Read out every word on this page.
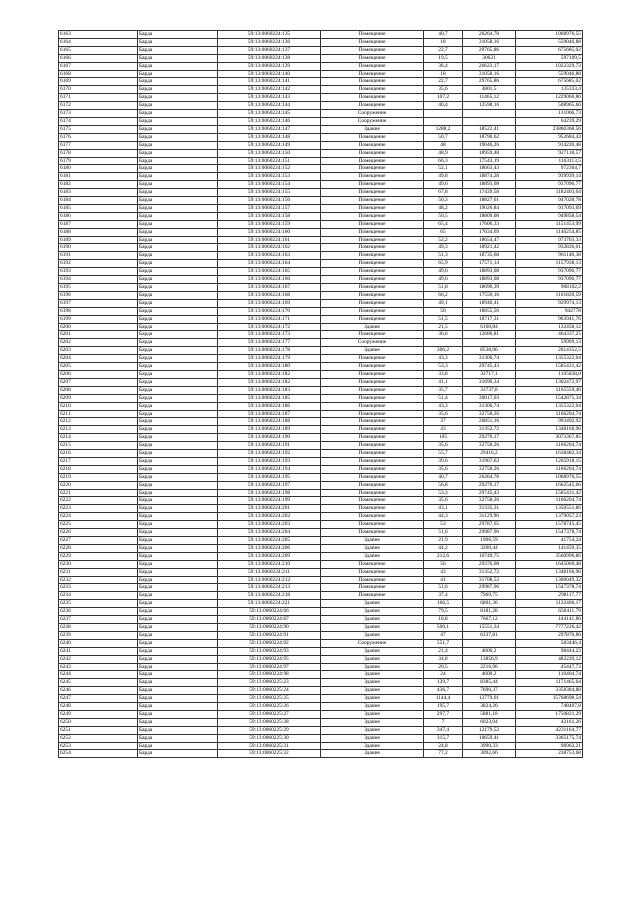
6163	Барда	59:13:0060224:135	Помещение	40,7	26264,78	1068976,55
6164	Барда	59:13:0060224:136	Помещение	18	31058,16	559046,88
6165	Барда	59:13:0060224:137	Помещение	22,7	29765,86	675685,02
6166	Барда	59:13:0060224:138	Помещение	19,5	30621	597109,5
6167	Барда	59:13:0060224:139	Помещение	38,4	26623,17	1022329,73
6168	Барда	59:13:0060224:140	Помещение	18	31058,16	559046,88
6169	Барда	59:13:0060224:141	Помещение	22,7	29765,86	675685,02
6170	Барда	59:13:0060224:142	Помещение	35,6	3801,5	135333,4
6171	Барда	59:13:0060224:143	Помещение	107,2	11465,12	1229060,86
6172	Барда	59:13:0060224:144	Помещение	40,4	12598,16	508965,66
6173	Барда	59:13:0060224:145	Сооружение			131066,73
6174	Барда	59:13:0060224:146	Сооружение			64239,29
6175	Барда	59:13:0060224:147	Здание	1288,2	18522,41	23860368,56
6176	Барда	59:13:0060224:148	Помещение	50,7	18790,62	952684,43
6177	Барда	59:13:0060224:149	Помещение	48	19046,26	914220,48
6178	Барда	59:13:0060224:150	Помещение	48,9	18959,48	927118,57
6179	Барда	59:13:0060224:151	Помещение	66,3	17543,19	1163113,5
6180	Барда	59:13:0060224:152	Помещение	52,1	18663,43	972364,7
6181	Барда	59:13:0060224:153	Помещение	49,8	18874,28	939939,14
6182	Барда	59:13:0060224:154	Помещение	49,6	18893,08	937096,77
6183	Барда	59:13:0060224:155	Помещение	67,8	17439,58	1182403,64
6184	Барда	59:13:0060224:156	Помещение	50,3	18827,61	947028,78
6185	Барда	59:13:0060224:157	Помещение	48,2	19026,84	917093,69
6186	Барда	59:13:0060224:158	Помещение	50,5	18809,08	949858,54
6187	Барда	59:13:0060224:159	Помещение	65,4	17606,33	1151453,99
6188	Барда	59:13:0060224:160	Помещение	65	17634,69	1146254,85
6189	Барда	59:13:0060224:161	Помещение	52,2	18654,47	973763,33
6190	Барда	59:13:0060224:162	Помещение	49,3	18921,42	932826,01
6191	Барда	59:13:0060224:163	Помещение	51,3	18735,68	961140,38
6192	Барда	59:13:0060224:164	Помещение	65,9	17571,14	1157938,13
6193	Барда	59:13:0060224:165	Помещение	49,6	18893,08	937096,77
6194	Барда	59:13:0060224:166	Помещение	49,6	18893,08	937096,77
6195	Барда	59:13:0060224:167	Помещение	51,8	18690,39	968162,2
6196	Барда	59:13:0060224:168	Помещение	66,2	17550,16	1161820,59
6197	Барда	59:13:0060224:169	Помещение	49,1	18940,41	929974,13
6198	Барда	59:13:0060224:170	Помещение	50	18855,56	942778
6199	Барда	59:13:0060224:171	Помещение	51,5	18717,31	963941,76
6200	Барда	59:13:0060224:172	Здание	21,5	6160,84	132458,12
6201	Барда	59:13:0060224:173	Помещение	36,6	12686,81	464337,25
6202	Барда	59:13:0060224:177	Сооружение			59909,13
6203	Барда	59:13:0060224:178	Здание	306,2	8538,06	2614352,5
6204	Барда	59:13:0060224:179	Помещение	43,3	31300,74	1355322,04
6205	Барда	59:13:0060224:180	Помещение	53,3	29745,43	1585431,42
6206	Барда	59:13:0060224:182	Помещение	33,8	32717,1	1105838,0
6207	Барда	59:13:0060224:182	Помещение	41,1	31690,34	1302472,97
6208	Барда	59:13:0060224:183	Помещение	35,7	33737,8	1165559,46
6209	Барда	59:13:0060224:185	Помещение	51,4	30017,03	1542875,34
6210	Барда	59:13:0060224:186	Помещение	43,3	31300,74	1355322,04
6211	Барда	59:13:0060224:187	Помещение	35,6	32758,26	1166204,74
6212	Барда	59:13:0060224:188	Помещение	37	26851,16	993492,92
6213	Барда	59:13:0060224:189	Помещение	43	31352,72	1348166,96
6214	Барда	59:13:0060224:190	Помещение	105	29270,17	3073367,85
6215	Барда	59:13:0060224:191	Помещение	35,6	32758,26	1166204,74
6216	Барда	59:13:0060224:192	Помещение	55,7	29416,2	1638482,34
6217	Барда	59:13:0060224:193	Помещение	39,6	31967,63	1265918,15
6218	Барда	59:13:0060224:194	Помещение	35,6	32758,26	1166204,74
6219	Барда	59:13:0060224:195	Помещение	40,7	26264,78	1068976,55
6220	Барда	59:13:0060224:197	Помещение	56,8	29270,17	1662545,66
6221	Барда	59:13:0060224:198	Помещение	53,3	29745,43	1585431,42
6222	Барда	59:13:0060224:199	Помещение	35,6	32758,26	1166204,74
6223	Барда	59:13:0060224:201	Помещение	43,1	31335,31	1350551,86
6224	Барда	59:13:0060224:202	Помещение	44,3	31129,96	1379057,23
6225	Барда	59:13:0060224:203	Помещение	53	29787,65	1578745,45
6226	Барда	59:13:0060224:204	Помещение	51,6	29987,96	1547378,74
6227	Барда	59:13:0060224:205	Здание	21,9	1906,59	41754,24
6228	Барда	59:13:0060224:206	Здание	44,2	3200,44	141459,35
6229	Барда	59:13:0060224:209	Здание	212,6	16749,75	3560996,86
6230	Барда	59:13:0060224:210	Помещение	56	29376,08	1645060,48
6231	Барда	59:13:0060224:211	Помещение	43	31352,72	1348166,96
6232	Барда	59:13:0060224:212	Помещение	41	31708,52	1300049,32
6233	Барда	59:13:0060224:213	Помещение	51,6	29987,96	1547378,74
6234	Барда	59:13:0060224:218	Помещение	37,4	7969,75	298117,77
6235	Барда	59:13:0060224:221	Здание	166,5	6801,36	1132406,17
6236	Барда	59:13:0060224:66	Здание	79,5	8181,28	650411,79
6237	Барда	59:13:0060224:87	Здание	18,8	7667,12	144141,86
6238	Барда	59:13:0060224:90	Здание	500,1	15551,34	7777226,42
6239	Барда	59:13:0060224:91	Здание	47	6337,81	297876,86
6240	Барда	59:13:0060224:92	Сооружение	551,7		583446,4
6241	Барда	59:13:0060224:93	Здание	21,4	4600,2	98444,23
6242	Барда	59:13:0060224:95	Здание	34,8	13856,9	482220,12
6243	Барда	59:13:0060224:97	Здание	20,5	2216,96	45447,73
6244	Барда	59:13:0060224:98	Здание	24	4600,2	110404,74
6245	Барда	59:13:0060225:23	Здание	139,7	8385,44	1171465,64
6246	Барда	59:13:0060225:24	Здание	436,7	7690,37	3358384,88
6247	Барда	59:13:0060225:25	Здание	1144,4	13779,01	15768698,54
6248	Барда	59:13:0060225:26	Здание	195,7	3824,26	748407,8
6249	Барда	59:13:0060225:27	Здание	297,7	5881,18	1750821,29
6250	Барда	59:13:0060225:28	Здание	7	6023,04	42161,26
6251	Барда	59:13:0060225:29	Здание	347,4	12179,52	4231164,77
6252	Барда	59:13:0060225:30	Здание	315,7	10659,41	3365175,74
6253	Барда	59:13:0060225:31	Здание	24,8	3990,33	98962,21
6254	Барда	59:13:0060225:32	Здание	77,2	3092,66	238753,68
